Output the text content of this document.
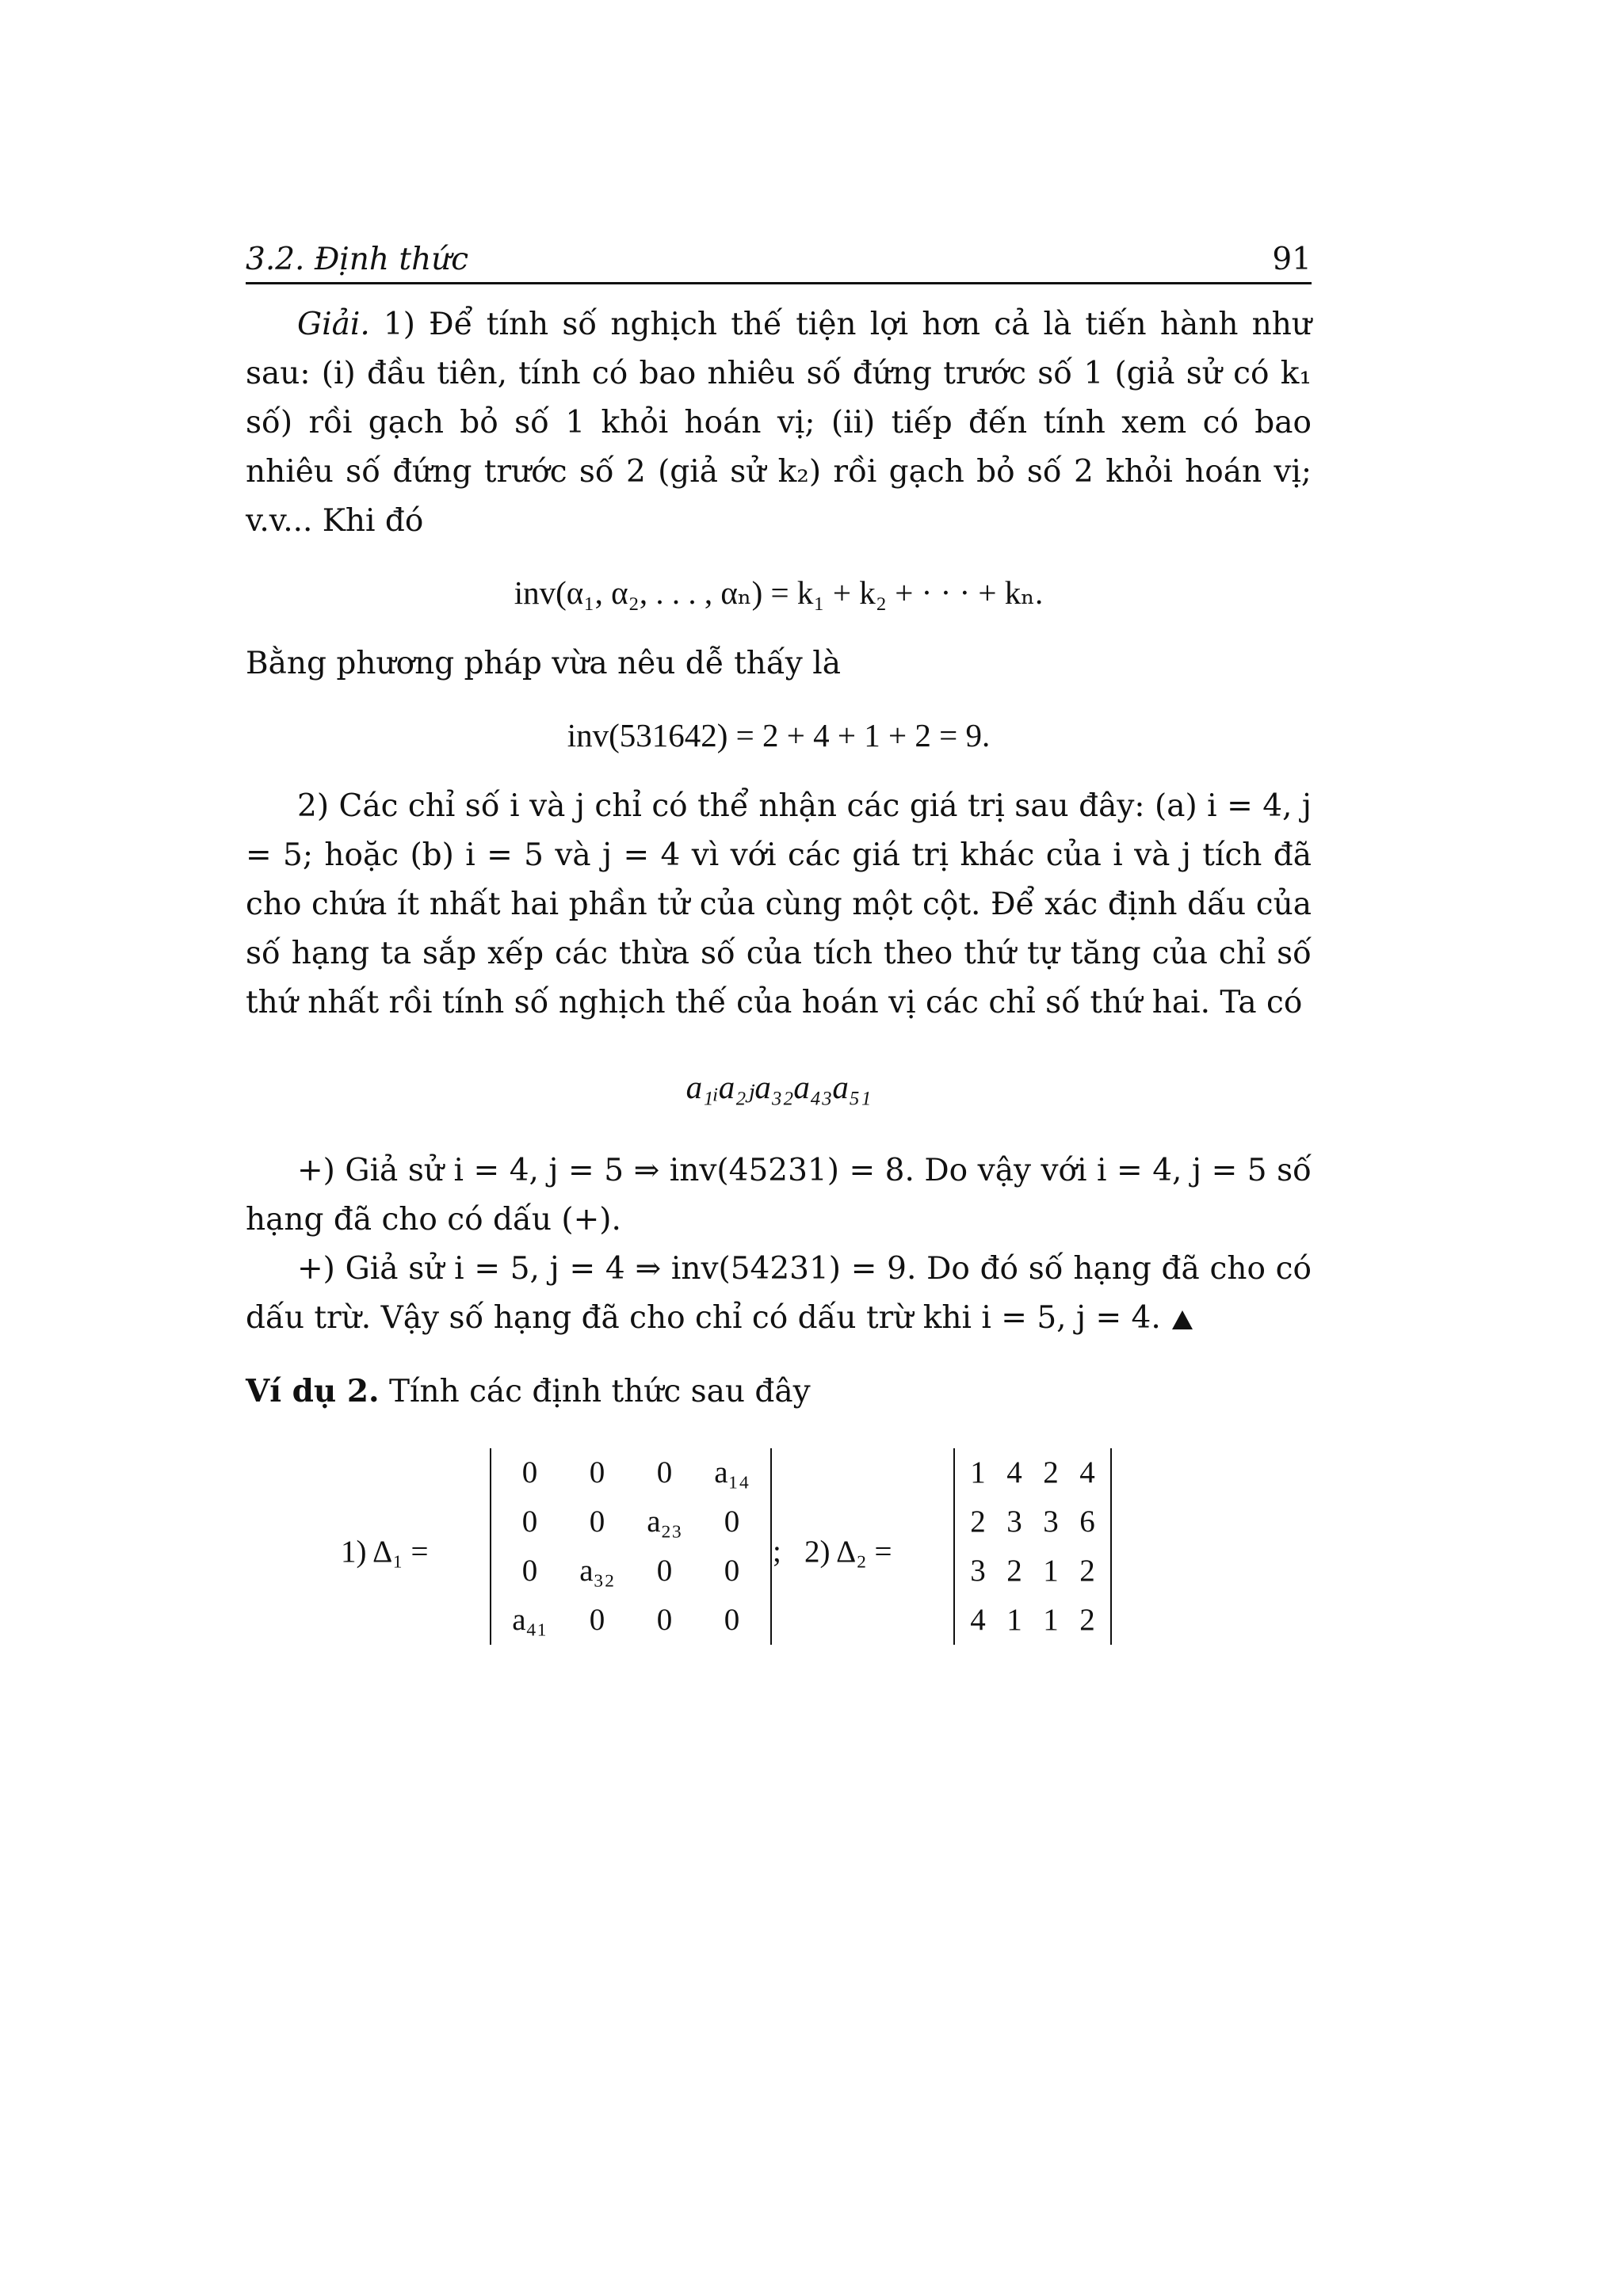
3.2. Định thức	91

Giải. 1) Để tính số nghịch thế tiện lợi hơn cả là tiến hành như sau: (i) đầu tiên, tính có bao nhiêu số đứng trước số 1 (giả sử có k₁ số) rồi gạch bỏ số 1 khỏi hoán vị; (ii) tiếp đến tính xem có bao nhiêu số đứng trước số 2 (giả sử k₂) rồi gạch bỏ số 2 khỏi hoán vị; v.v... Khi đó

inv(α₁, α₂, . . . , αₙ) = k₁ + k₂ + · · · + kₙ.

Bằng phương pháp vừa nêu dễ thấy là

inv(531642) = 2 + 4 + 1 + 2 = 9.

2) Các chỉ số i và j chỉ có thể nhận các giá trị sau đây: (a) i = 4, j = 5; hoặc (b) i = 5 và j = 4 vì với các giá trị khác của i và j tích đã cho chứa ít nhất hai phần tử của cùng một cột. Để xác định dấu của số hạng ta sắp xếp các thừa số của tích theo thứ tự tăng của chỉ số thứ nhất rồi tính số nghịch thế của hoán vị các chỉ số thứ hai. Ta có

a₁ᵢa₂ⱼa₃₂a₄₃a₅₁

+) Giả sử i = 4, j = 5 ⇒ inv(45231) = 8. Do vậy với i = 4, j = 5 số hạng đã cho có dấu (+).

+) Giả sử i = 5, j = 4 ⇒ inv(54231) = 9. Do đó số hạng đã cho có dấu trừ. Vậy số hạng đã cho chỉ có dấu trừ khi i = 5, j = 4.

Ví dụ 2. Tính các định thức sau đây

1) Δ₁ =
0	0	0	a₁₄
0	0	a₂₃	0
0	a₃₂	0	0
a₄₁	0	0	0
; 2) Δ₂ =
1	4	2	4
2	3	3	6
3	2	1	2
4	1	1	2
